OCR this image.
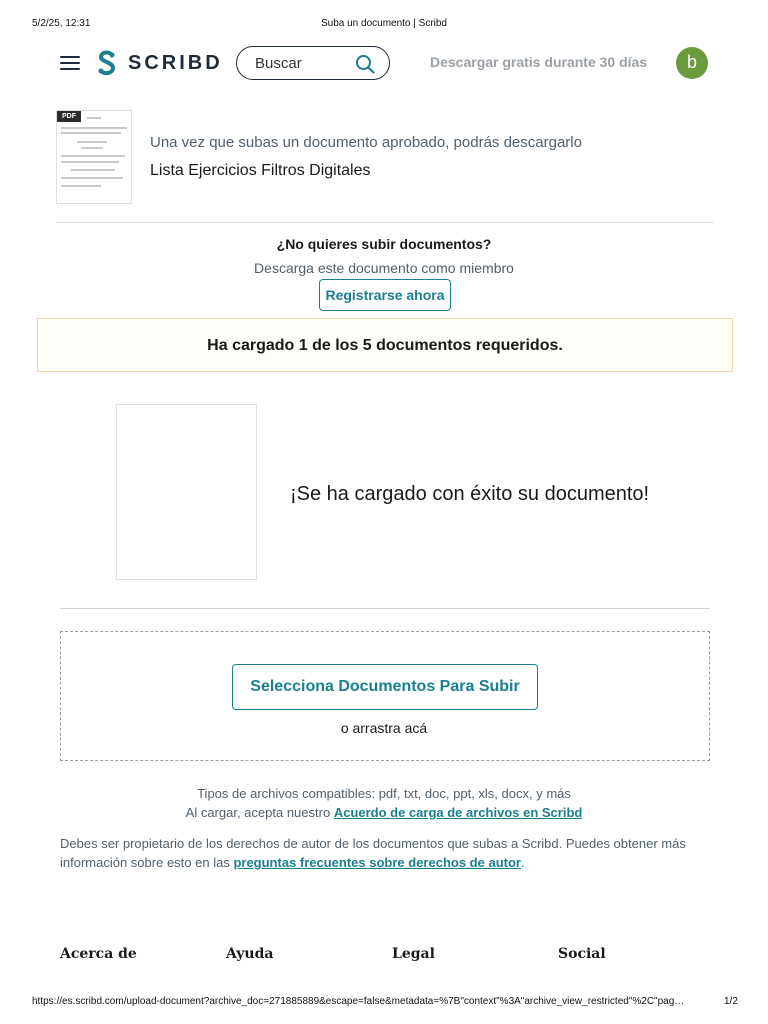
5/2/25, 12:31	Suba un documento | Scribd
SCRIBD
Buscar	Descargar gratis durante 30 días	b
PDF
Una vez que subas un documento aprobado, podrás descargarlo
Lista Ejercicios Filtros Digitales
¿No quieres subir documentos?
Descarga este documento como miembro
Registrarse ahora
Ha cargado 1 de los 5 documentos requeridos.
¡Se ha cargado con éxito su documento!
Selecciona Documentos Para Subir
o arrastra acá
Tipos de archivos compatibles: pdf, txt, doc, ppt, xls, docx, y más
Al cargar, acepta nuestro Acuerdo de carga de archivos en Scribd
Debes ser propietario de los derechos de autor de los documentos que subas a Scribd. Puedes obtener más información sobre esto en las preguntas frecuentes sobre derechos de autor.
Acerca de	Ayuda	Legal	Social
https://es.scribd.com/upload-document?archive_doc=271885889&escape=false&metadata=%7B"context"%3A"archive_view_restricted"%2C"pag…	1/2
